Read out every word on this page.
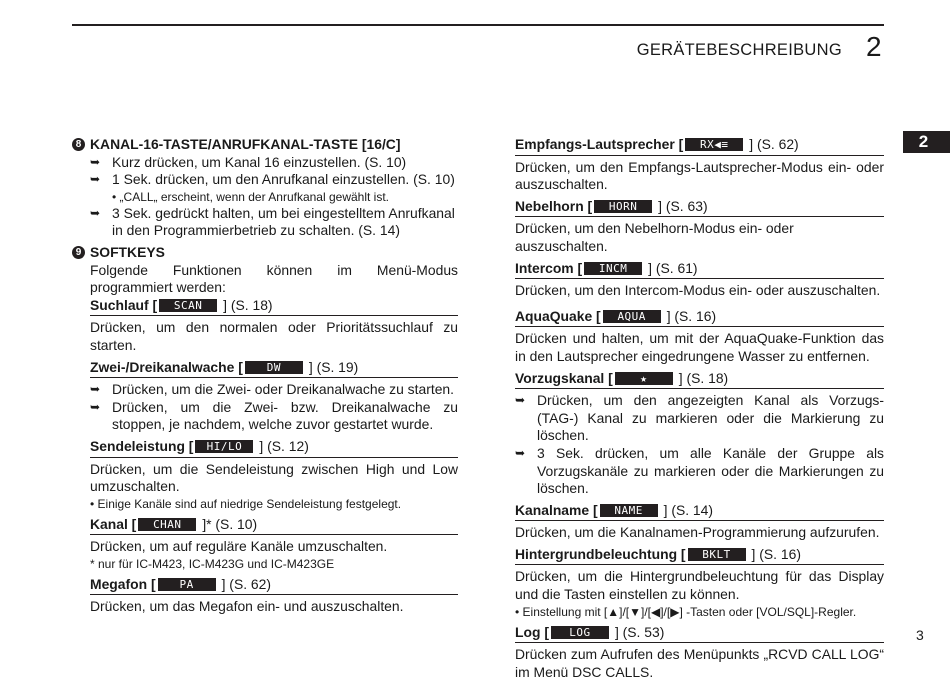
GERÄTEBESCHREIBUNG 2
2
8 KANAL-16-TASTE/ANRUFKANAL-TASTE [16/C]
➥ Kurz drücken, um Kanal 16 einzustellen. (S. 10)
➥ 1 Sek. drücken, um den Anrufkanal einzustellen. (S. 10)
• „CALL„ erscheint, wenn der Anrufkanal gewählt ist.
➥ 3 Sek. gedrückt halten, um bei eingestelltem Anrufkanal in den Programmierbetrieb zu schalten. (S. 14)
9 SOFTKEYS
Folgende Funktionen können im Menü-Modus programmiert werden:
Suchlauf [	SCAN	] (S. 18)
Drücken, um den normalen oder Prioritätssuchlauf zu starten.
Zwei-/Dreikanalwache [	DW	] (S. 19)
➥ Drücken, um die Zwei- oder Dreikanalwache zu starten.
➥ Drücken, um die Zwei- bzw. Dreikanalwache zu stoppen, je nachdem, welche zuvor gestartet wurde.
Sendeleistung [	HI/LO	] (S. 12)
Drücken, um die Sendeleistung zwischen High und Low umzuschalten.
• Einige Kanäle sind auf niedrige Sendeleistung festgelegt.
Kanal [	CHAN	]* (S. 10)
Drücken, um auf reguläre Kanäle umzuschalten.
* nur für IC-M423, IC-M423G und IC-M423GE
Megafon [	PA	] (S. 62)
Drücken, um das Megafon ein- und auszuschalten.
Empfangs-Lautsprecher [	RX◀≡	] (S. 62)
Drücken, um den Empfangs-Lautsprecher-Modus ein- oder auszuschalten.
Nebelhorn [	HORN	] (S. 63)
Drücken, um den Nebelhorn-Modus ein- oder auszuschalten.
Intercom [	INCM	] (S. 61)
Drücken, um den Intercom-Modus ein- oder auszuschalten.
AquaQuake [	AQUA	] (S. 16)
Drücken und halten, um mit der AquaQuake-Funktion das in den Lautsprecher eingedrungene Wasser zu entfernen.
Vorzugskanal [	★	] (S. 18)
➥ Drücken, um den angezeigten Kanal als Vorzugs- (TAG-) Kanal zu markieren oder die Markierung zu löschen.
➥ 3 Sek. drücken, um alle Kanäle der Gruppe als Vorzugskanäle zu markieren oder die Markierungen zu löschen.
Kanalname [	NAME	] (S. 14)
Drücken, um die Kanalnamen-Programmierung aufzurufen.
Hintergrundbeleuchtung [	BKLT	] (S. 16)
Drücken, um die Hintergrundbeleuchtung für das Display und die Tasten einstellen zu können.
• Einstellung mit [▲]/[▼]/[◀]/[▶] -Tasten oder [VOL/SQL]-Regler.
Log [	LOG	] (S. 53)
Drücken zum Aufrufen des Menüpunkts „RCVD CALL LOG“ im Menü DSC CALLS.
3
